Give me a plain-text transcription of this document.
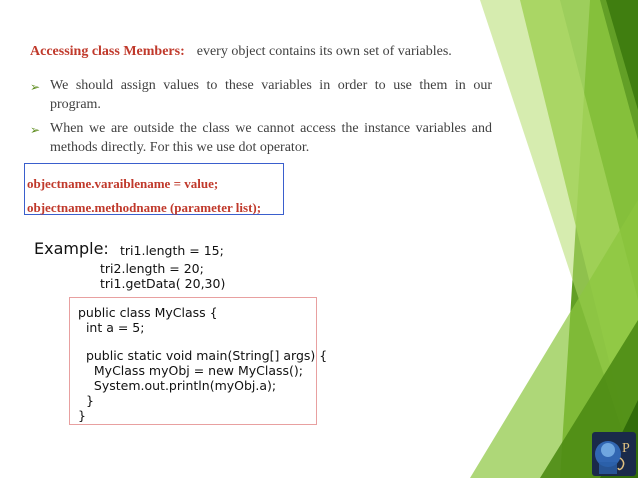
Accessing class Members: every object contains its own set of variables.
➢ We should assign values to these variables in order to use them in our program.
➢ When we are outside the class we cannot access the instance variables and methods directly. For this we use dot operator.
objectname.varaiblename = value;
objectname.methodname (parameter list);
Example: tri1.length = 15;
tri2.length = 20;
tri1.getData( 20,30)
public class MyClass {
int a = 5;
public static void main(String[] args) {
MyClass myObj = new MyClass();
System.out.println(myObj.a);
}
}
P
